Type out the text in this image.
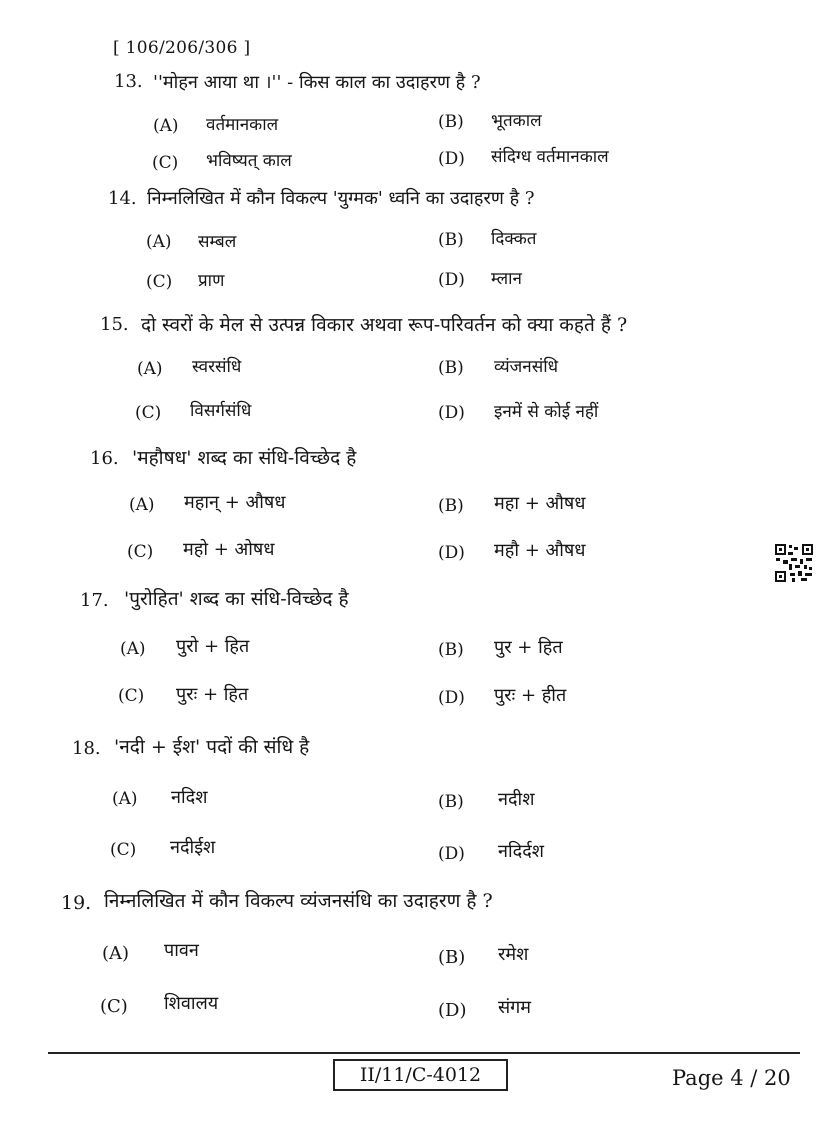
[ 106/206/306 ]
13. ''मोहन आया था ।'' - किस काल का उदाहरण है ?
(A) वर्तमानकाल	(B) भूतकाल
(C) भविष्यत् काल	(D) संदिग्ध वर्तमानकाल
14. निम्नलिखित में कौन विकल्प 'युग्मक' ध्वनि का उदाहरण है ?
(A) सम्बल	(B) दिक्कत
(C) प्राण	(D) म्लान
15. दो स्वरों के मेल से उत्पन्न विकार अथवा रूप-परिवर्तन को क्या कहते हैं ?
(A) स्वरसंधि	(B) व्यंजनसंधि
(C) विसर्गसंधि	(D) इनमें से कोई नहीं
16. 'महौषध' शब्द का संधि-विच्छेद है
(A) महान् + औषध	(B) महा + औषध
(C) महो + ओषध	(D) महौ + औषध
17. 'पुरोहित' शब्द का संधि-विच्छेद है
(A) पुरो + हित	(B) पुर + हित
(C) पुरः + हित	(D) पुरः + हीत
18. 'नदी + ईश' पदों की संधि है
(A) नदिश	(B) नदीश
(C) नदीईश	(D) नदिर्दश
19. निम्नलिखित में कौन विकल्प व्यंजनसंधि का उदाहरण है ?
(A) पावन	(B) रमेश
(C) शिवालय	(D) संगम
II/11/C-4012	Page 4 / 20
